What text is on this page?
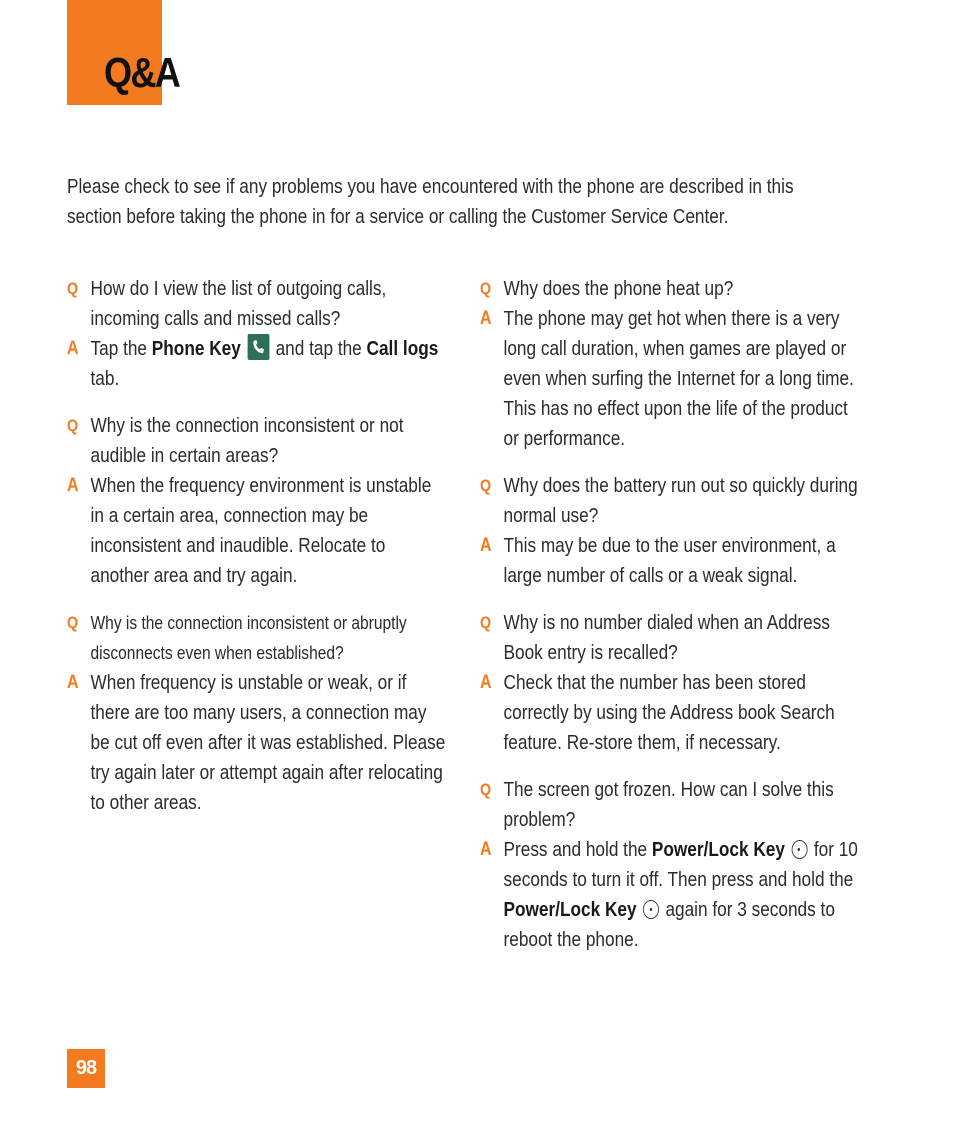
Q&A

Please check to see if any problems you have encountered with the phone are described in this section before taking the phone in for a service or calling the Customer Service Center.

Q How do I view the list of outgoing calls, incoming calls and missed calls?
A Tap the Phone Key
and tap the Call logs tab.
Q Why is the connection inconsistent or not audible in certain areas?
A When the frequency environment is unstable in a certain area, connection may be inconsistent and inaudible. Relocate to another area and try again.
Q Why is the connection inconsistent or abruptly disconnects even when established?
A When frequency is unstable or weak, or if there are too many users, a connection may be cut off even after it was established. Please try again later or attempt again after relocating to other areas.
Q Why does the phone heat up?
A The phone may get hot when there is a very long call duration, when games are played or even when surfing the Internet for a long time. This has no effect upon the life of the product or performance.
Q Why does the battery run out so quickly during normal use?
A This may be due to the user environment, a large number of calls or a weak signal.
Q Why is no number dialed when an Address Book entry is recalled?
A Check that the number has been stored correctly by using the Address book Search feature. Re-store them, if necessary.
Q The screen got frozen. How can I solve this problem?
A Press and hold the Power/Lock Key  for 10 seconds to turn it off. Then press and hold the Power/Lock Key  again for 3 seconds to reboot the phone.
98
